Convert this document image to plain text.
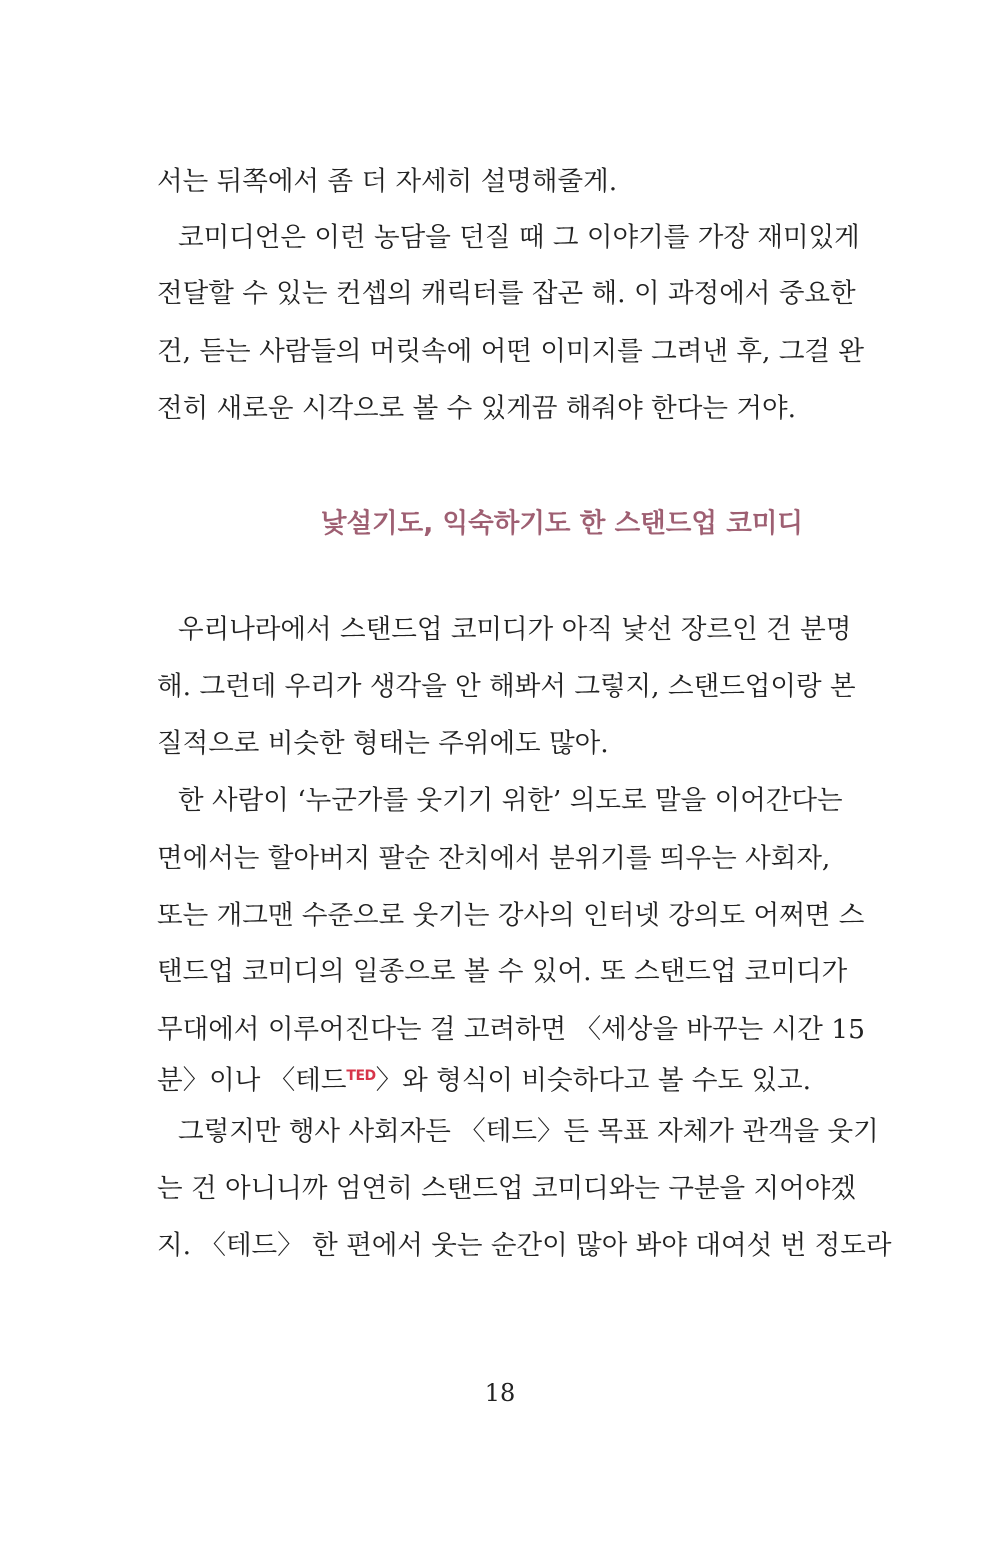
서는 뒤쪽에서 좀 더 자세히 설명해줄게.
코미디언은 이런 농담을 던질 때 그 이야기를 가장 재미있게
전달할 수 있는 컨셉의 캐릭터를 잡곤 해. 이 과정에서 중요한
건, 듣는 사람들의 머릿속에 어떤 이미지를 그려낸 후, 그걸 완
전히 새로운 시각으로 볼 수 있게끔 해줘야 한다는 거야.
낯설기도, 익숙하기도 한 스탠드업 코미디
우리나라에서 스탠드업 코미디가 아직 낯선 장르인 건 분명
해. 그런데 우리가 생각을 안 해봐서 그렇지, 스탠드업이랑 본
질적으로 비슷한 형태는 주위에도 많아.
한 사람이 ‘누군가를 웃기기 위한’ 의도로 말을 이어간다는
면에서는 할아버지 팔순 잔치에서 분위기를 띄우는 사회자,
또는 개그맨 수준으로 웃기는 강사의 인터넷 강의도 어쩌면 스
탠드업 코미디의 일종으로 볼 수 있어. 또 스탠드업 코미디가
무대에서 이루어진다는 걸 고려하면 〈세상을 바꾸는 시간 15
분〉이나 〈테드$^{TED}$〉와 형식이 비슷하다고 볼 수도 있고.
그렇지만 행사 사회자든 〈테드〉든 목표 자체가 관객을 웃기
는 건 아니니까 엄연히 스탠드업 코미디와는 구분을 지어야겠
지. 〈테드〉 한 편에서 웃는 순간이 많아 봐야 대여섯 번 정도라
18
